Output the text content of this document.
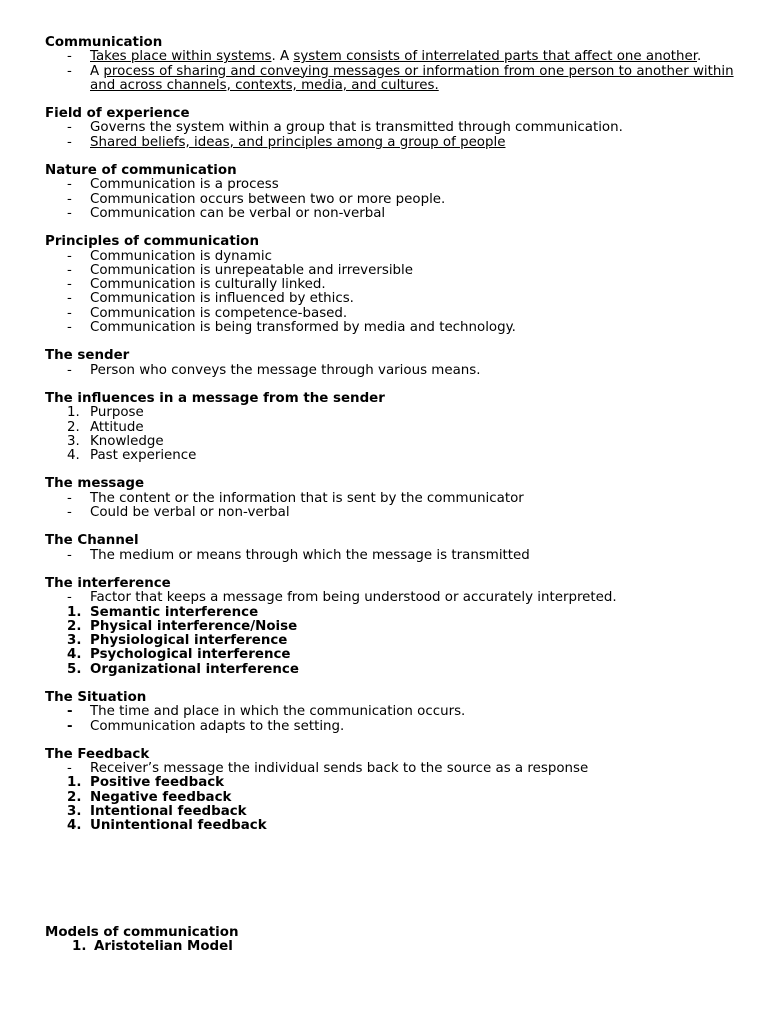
Communication
-	Takes place within systems. A system consists of interrelated parts that affect one another.
-	A process of sharing and conveying messages or information from one person to another within and across channels, contexts, media, and cultures.
Field of experience
-	Governs the system within a group that is transmitted through communication.
-	Shared beliefs, ideas, and principles among a group of people
Nature of communication
-	Communication is a process
-	Communication occurs between two or more people.
-	Communication can be verbal or non-verbal
Principles of communication
-	Communication is dynamic
-	Communication is unrepeatable and irreversible
-	Communication is culturally linked.
-	Communication is influenced by ethics.
-	Communication is competence-based.
-	Communication is being transformed by media and technology.
The sender
-	Person who conveys the message through various means.
The influences in a message from the sender
1. Purpose
2. Attitude
3. Knowledge
4. Past experience
The message
-	The content or the information that is sent by the communicator
-	Could be verbal or non-verbal
The Channel
-	The medium or means through which the message is transmitted
The interference
-	Factor that keeps a message from being understood or accurately interpreted.
1. Semantic interference
2. Physical interference/Noise
3. Physiological interference
4. Psychological interference
5. Organizational interference
The Situation
-	The time and place in which the communication occurs.
-	Communication adapts to the setting.
The Feedback
-	Receiver’s message the individual sends back to the source as a response
1. Positive feedback
2. Negative feedback
3. Intentional feedback
4. Unintentional feedback
Models of communication
1. Aristotelian Model
